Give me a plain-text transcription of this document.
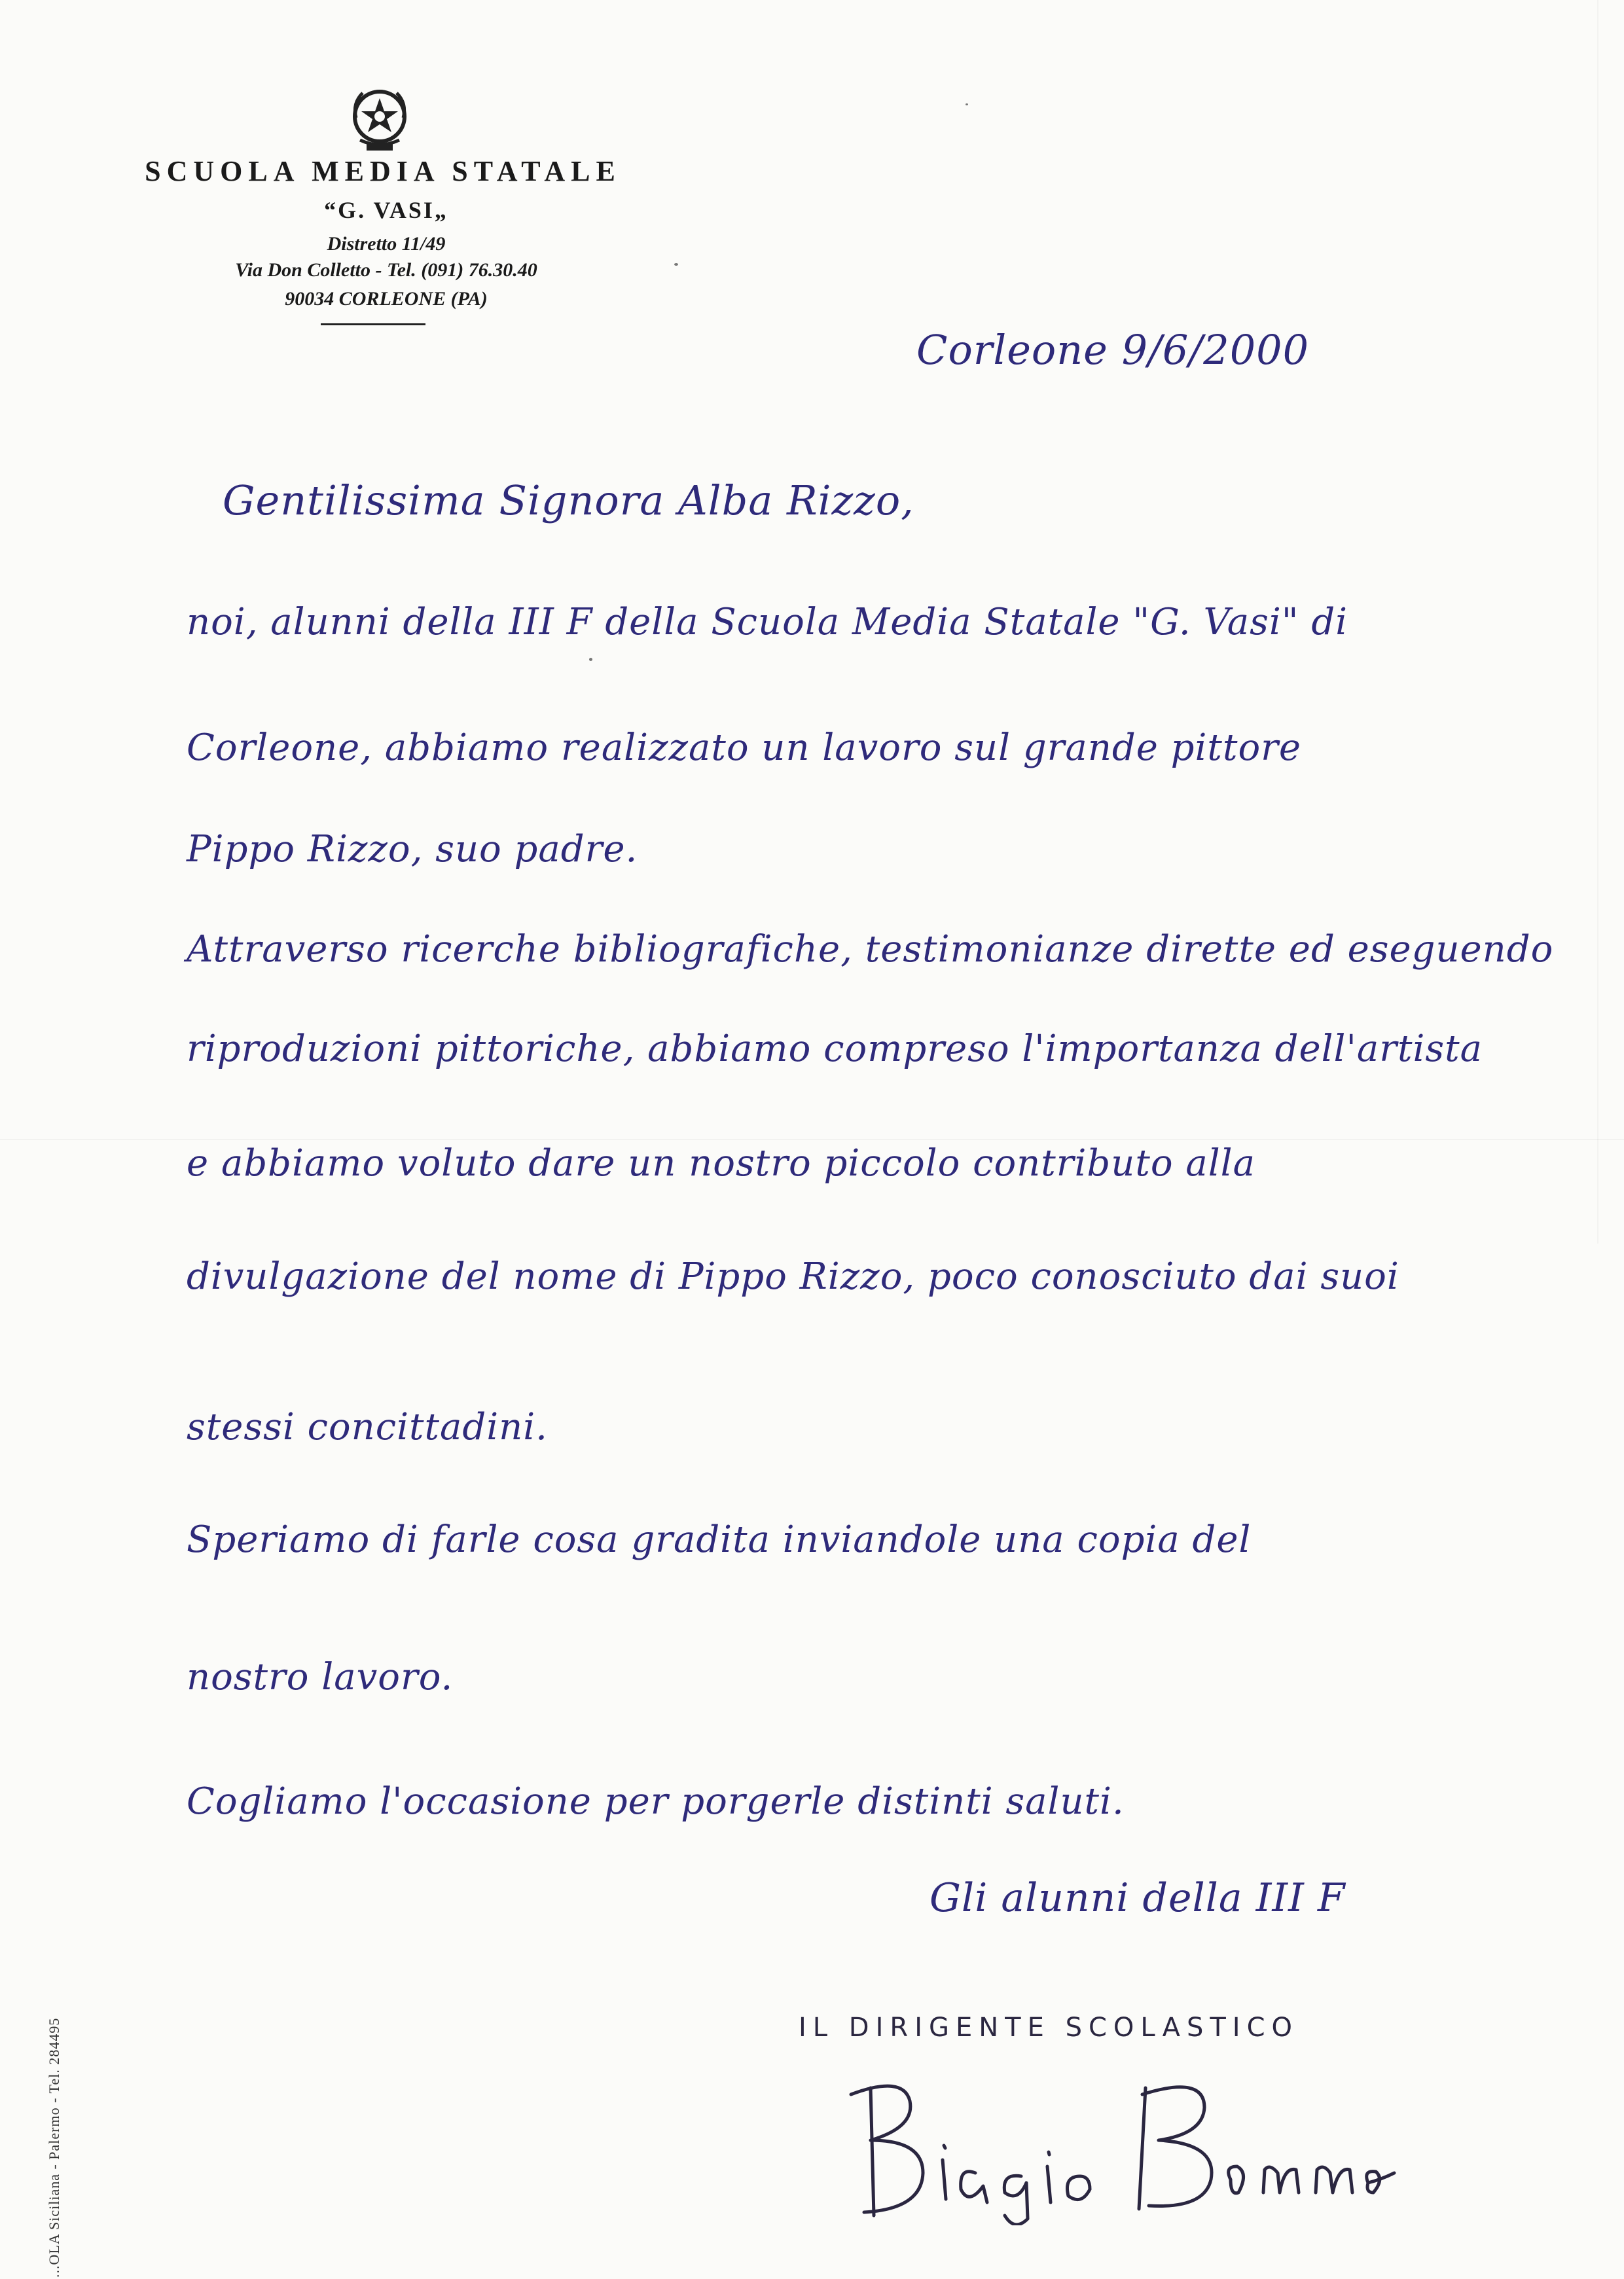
SCUOLA MEDIA STATALE
“G. VASI„
Distretto 11/49
Via Don Colletto - Tel. (091) 76.30.40
90034 CORLEONE (PA)
Corleone 9/6/2000
Gentilissima Signora Alba Rizzo,
noi, alunni della III F della Scuola Media Statale "G. Vasi" di
Corleone, abbiamo realizzato un lavoro sul grande pittore
Pippo Rizzo, suo padre.
Attraverso ricerche bibliografiche, testimonianze dirette ed eseguendo
riproduzioni pittoriche, abbiamo compreso l'importanza dell'artista
e abbiamo voluto dare un nostro piccolo contributo alla
divulgazione del nome di Pippo Rizzo, poco conosciuto dai suoi
stessi concittadini.
Speriamo di farle cosa gradita inviandole una copia del
nostro lavoro.
Cogliamo l'occasione per porgerle distinti saluti.
Gli alunni della III F
IL DIRIGENTE SCOLASTICO
...OLA Siciliana - Palermo - Tel. 284495
